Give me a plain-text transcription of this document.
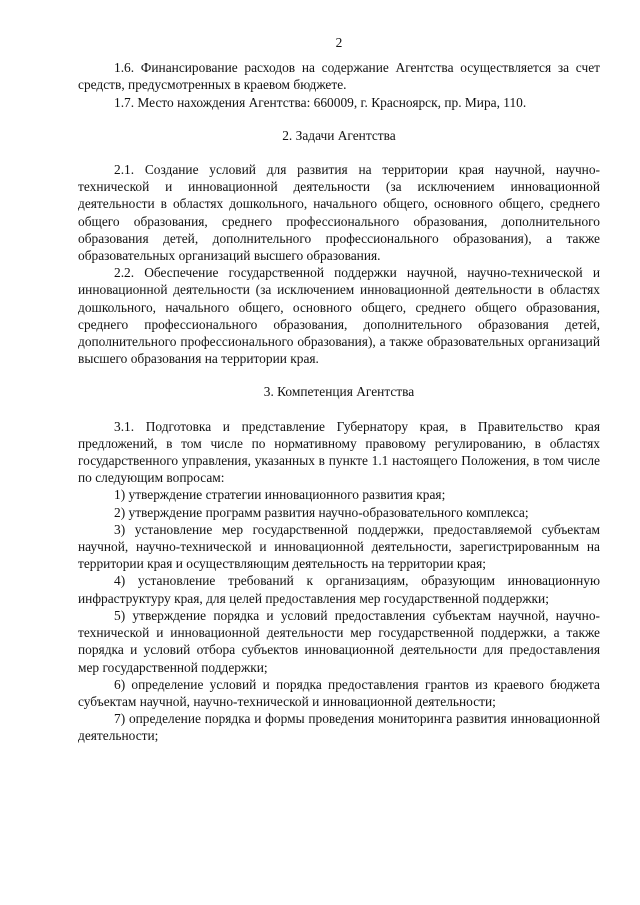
2

1.6. Финансирование расходов на содержание Агентства осуществляется за счет средств, предусмотренных в краевом бюджете.

1.7. Место нахождения Агентства: 660009, г. Красноярск, пр. Мира, 110.

2. Задачи Агентства

2.1. Создание условий для развития на территории края научной, научно-технической и инновационной деятельности (за исключением инновационной деятельности в областях дошкольного, начального общего, основного общего, среднего общего образования, среднего профессионального образования, дополнительного образования детей, дополнительного профессионального образования), а также образовательных организаций высшего образования.

2.2. Обеспечение государственной поддержки научной, научно-технической и инновационной деятельности (за исключением инновационной деятельности в областях дошкольного, начального общего, основного общего, среднего общего образования, среднего профессионального образования, дополнительного образования детей, дополнительного профессионального образования), а также образовательных организаций высшего образования на территории края.

3. Компетенция Агентства

3.1. Подготовка и представление Губернатору края, в Правительство края предложений, в том числе по нормативному правовому регулированию, в областях государственного управления, указанных в пункте 1.1 настоящего Положения, в том числе по следующим вопросам:

1) утверждение стратегии инновационного развития края;

2) утверждение программ развития научно-образовательного комплекса;

3) установление мер государственной поддержки, предоставляемой субъектам научной, научно-технической и инновационной деятельности, зарегистрированным на территории края и осуществляющим деятельность на территории края;

4) установление требований к организациям, образующим инновационную инфраструктуру края, для целей предоставления мер государственной поддержки;

5) утверждение порядка и условий предоставления субъектам научной, научно-технической и инновационной деятельности мер государственной поддержки, а также порядка и условий отбора субъектов инновационной деятельности для предоставления мер государственной поддержки;

6) определение условий и порядка предоставления грантов из краевого бюджета субъектам научной, научно-технической и инновационной деятельности;

7) определение порядка и формы проведения мониторинга развития инновационной деятельности;
